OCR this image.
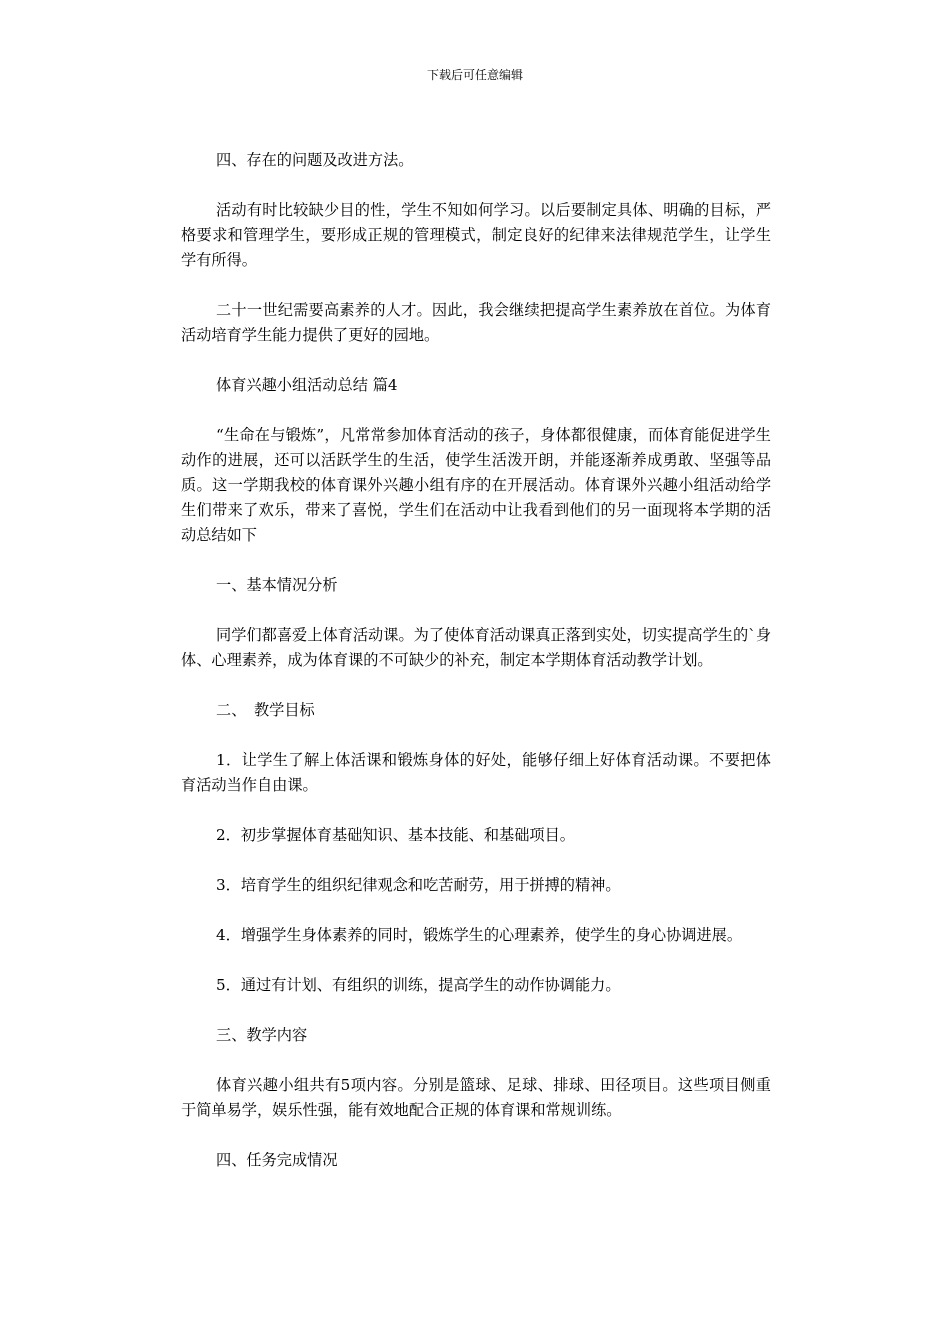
下载后可任意编辑

四、存在的问题及改进方法。

活动有时比较缺少目的性，学生不知如何学习。以后要制定具体、明确的目标，严格要求和管理学生，要形成正规的管理模式，制定良好的纪律来法律规范学生，让学生学有所得。

二十一世纪需要高素养的人才。因此，我会继续把提高学生素养放在首位。为体育活动培育学生能力提供了更好的园地。

体育兴趣小组活动总结 篇4

“生命在与锻炼”，凡常常参加体育活动的孩子，身体都很健康，而体育能促进学生动作的进展，还可以活跃学生的生活，使学生活泼开朗，并能逐渐养成勇敢、坚强等品质。这一学期我校的体育课外兴趣小组有序的在开展活动。体育课外兴趣小组活动给学生们带来了欢乐，带来了喜悦，学生们在活动中让我看到他们的另一面现将本学期的活动总结如下

一、基本情况分析

同学们都喜爱上体育活动课。为了使体育活动课真正落到实处，切实提高学生的`身体、心理素养，成为体育课的不可缺少的补充，制定本学期体育活动教学计划。

二、　教学目标

1．让学生了解上体活课和锻炼身体的好处，能够仔细上好体育活动课。不要把体育活动当作自由课。

2．初步掌握体育基础知识、基本技能、和基础项目。

3．培育学生的组织纪律观念和吃苦耐劳，用于拼搏的精神。

4．增强学生身体素养的同时，锻炼学生的心理素养，使学生的身心协调进展。

5．通过有计划、有组织的训练，提高学生的动作协调能力。

三、教学内容

体育兴趣小组共有5项内容。分别是篮球、足球、排球、田径项目。这些项目侧重于简单易学，娱乐性强，能有效地配合正规的体育课和常规训练。

四、任务完成情况
